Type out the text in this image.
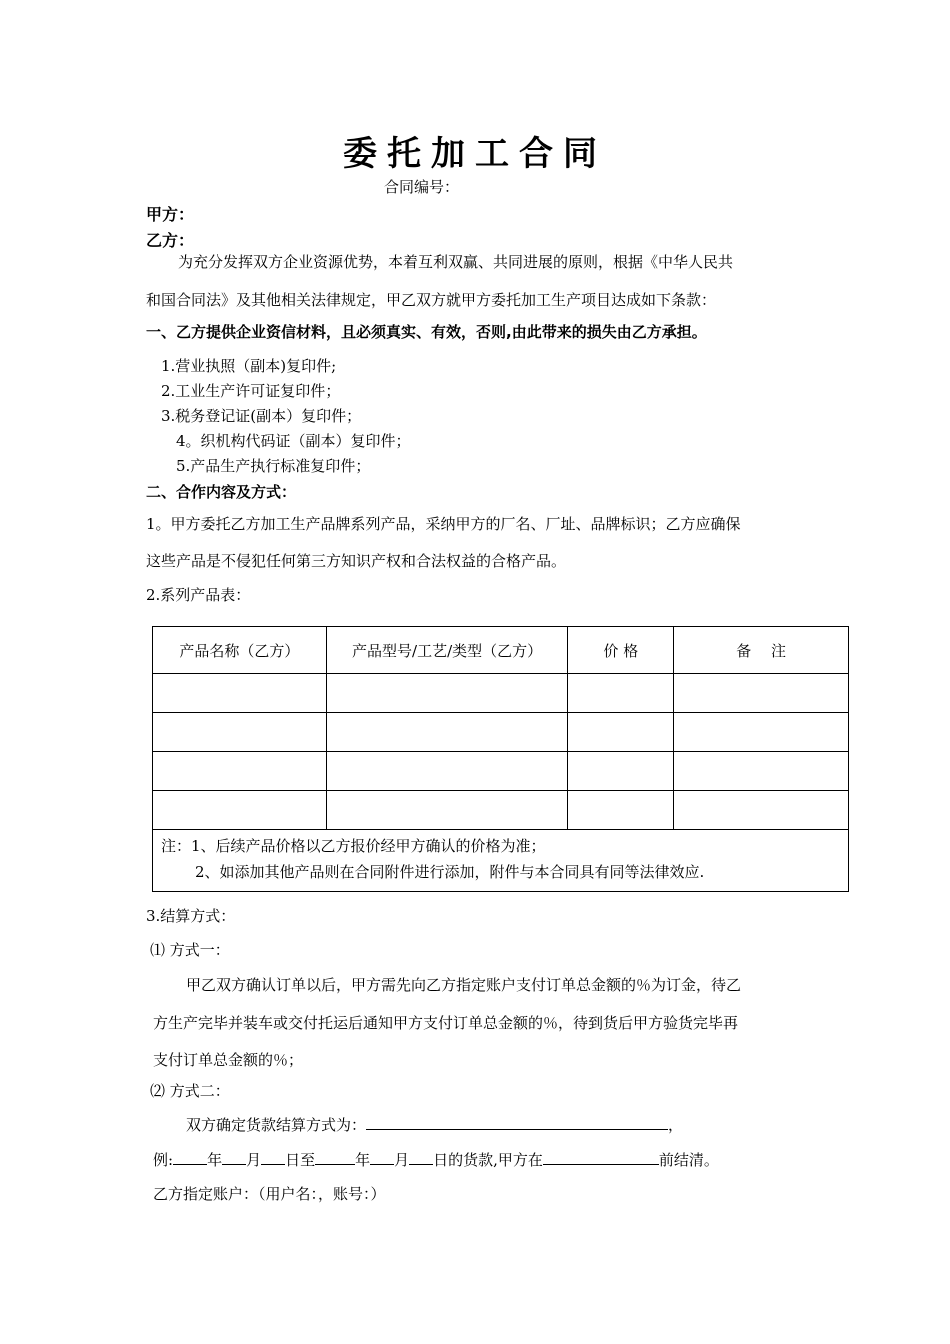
委托加工合同
合同编号：
甲方：
乙方：
为充分发挥双方企业资源优势，本着互利双赢、共同进展的原则，根据《中华人民共
和国合同法》及其他相关法律规定，甲乙双方就甲方委托加工生产项目达成如下条款：
一、乙方提供企业资信材料，且必须真实、有效，否则,由此带来的损失由乙方承担。
1.营业执照（副本)复印件;
2.工业生产许可证复印件；
3.税务登记证(副本）复印件；
4。织机构代码证（副本）复印件；
5.产品生产执行标准复印件；
二、合作内容及方式：
1。甲方委托乙方加工生产品牌系列产品，采纳甲方的厂名、厂址、品牌标识；乙方应确保
这些产品是不侵犯任何第三方知识产权和合法权益的合格产品。
2.系列产品表：
产品名称（乙方）	产品型号/工艺/类型（乙方）	价 格	备　 注

注：1、后续产品价格以乙方报价经甲方确认的价格为准；
2、如添加其他产品则在合同附件进行添加，附件与本合同具有同等法律效应.			
3.结算方式：
⑴ 方式一：
甲乙双方确认订单以后，甲方需先向乙方指定账户支付订单总金额的％为订金，待乙
方生产完毕并装车或交付托运后通知甲方支付订单总金额的％，待到货后甲方验货完毕再
支付订单总金额的％；
⑵ 方式二：
双方确定货款结算方式为：	，
例: 年 月 日至	年 月 日的货款,甲方在	前结清。
乙方指定账户：（用户名：，账号：）
